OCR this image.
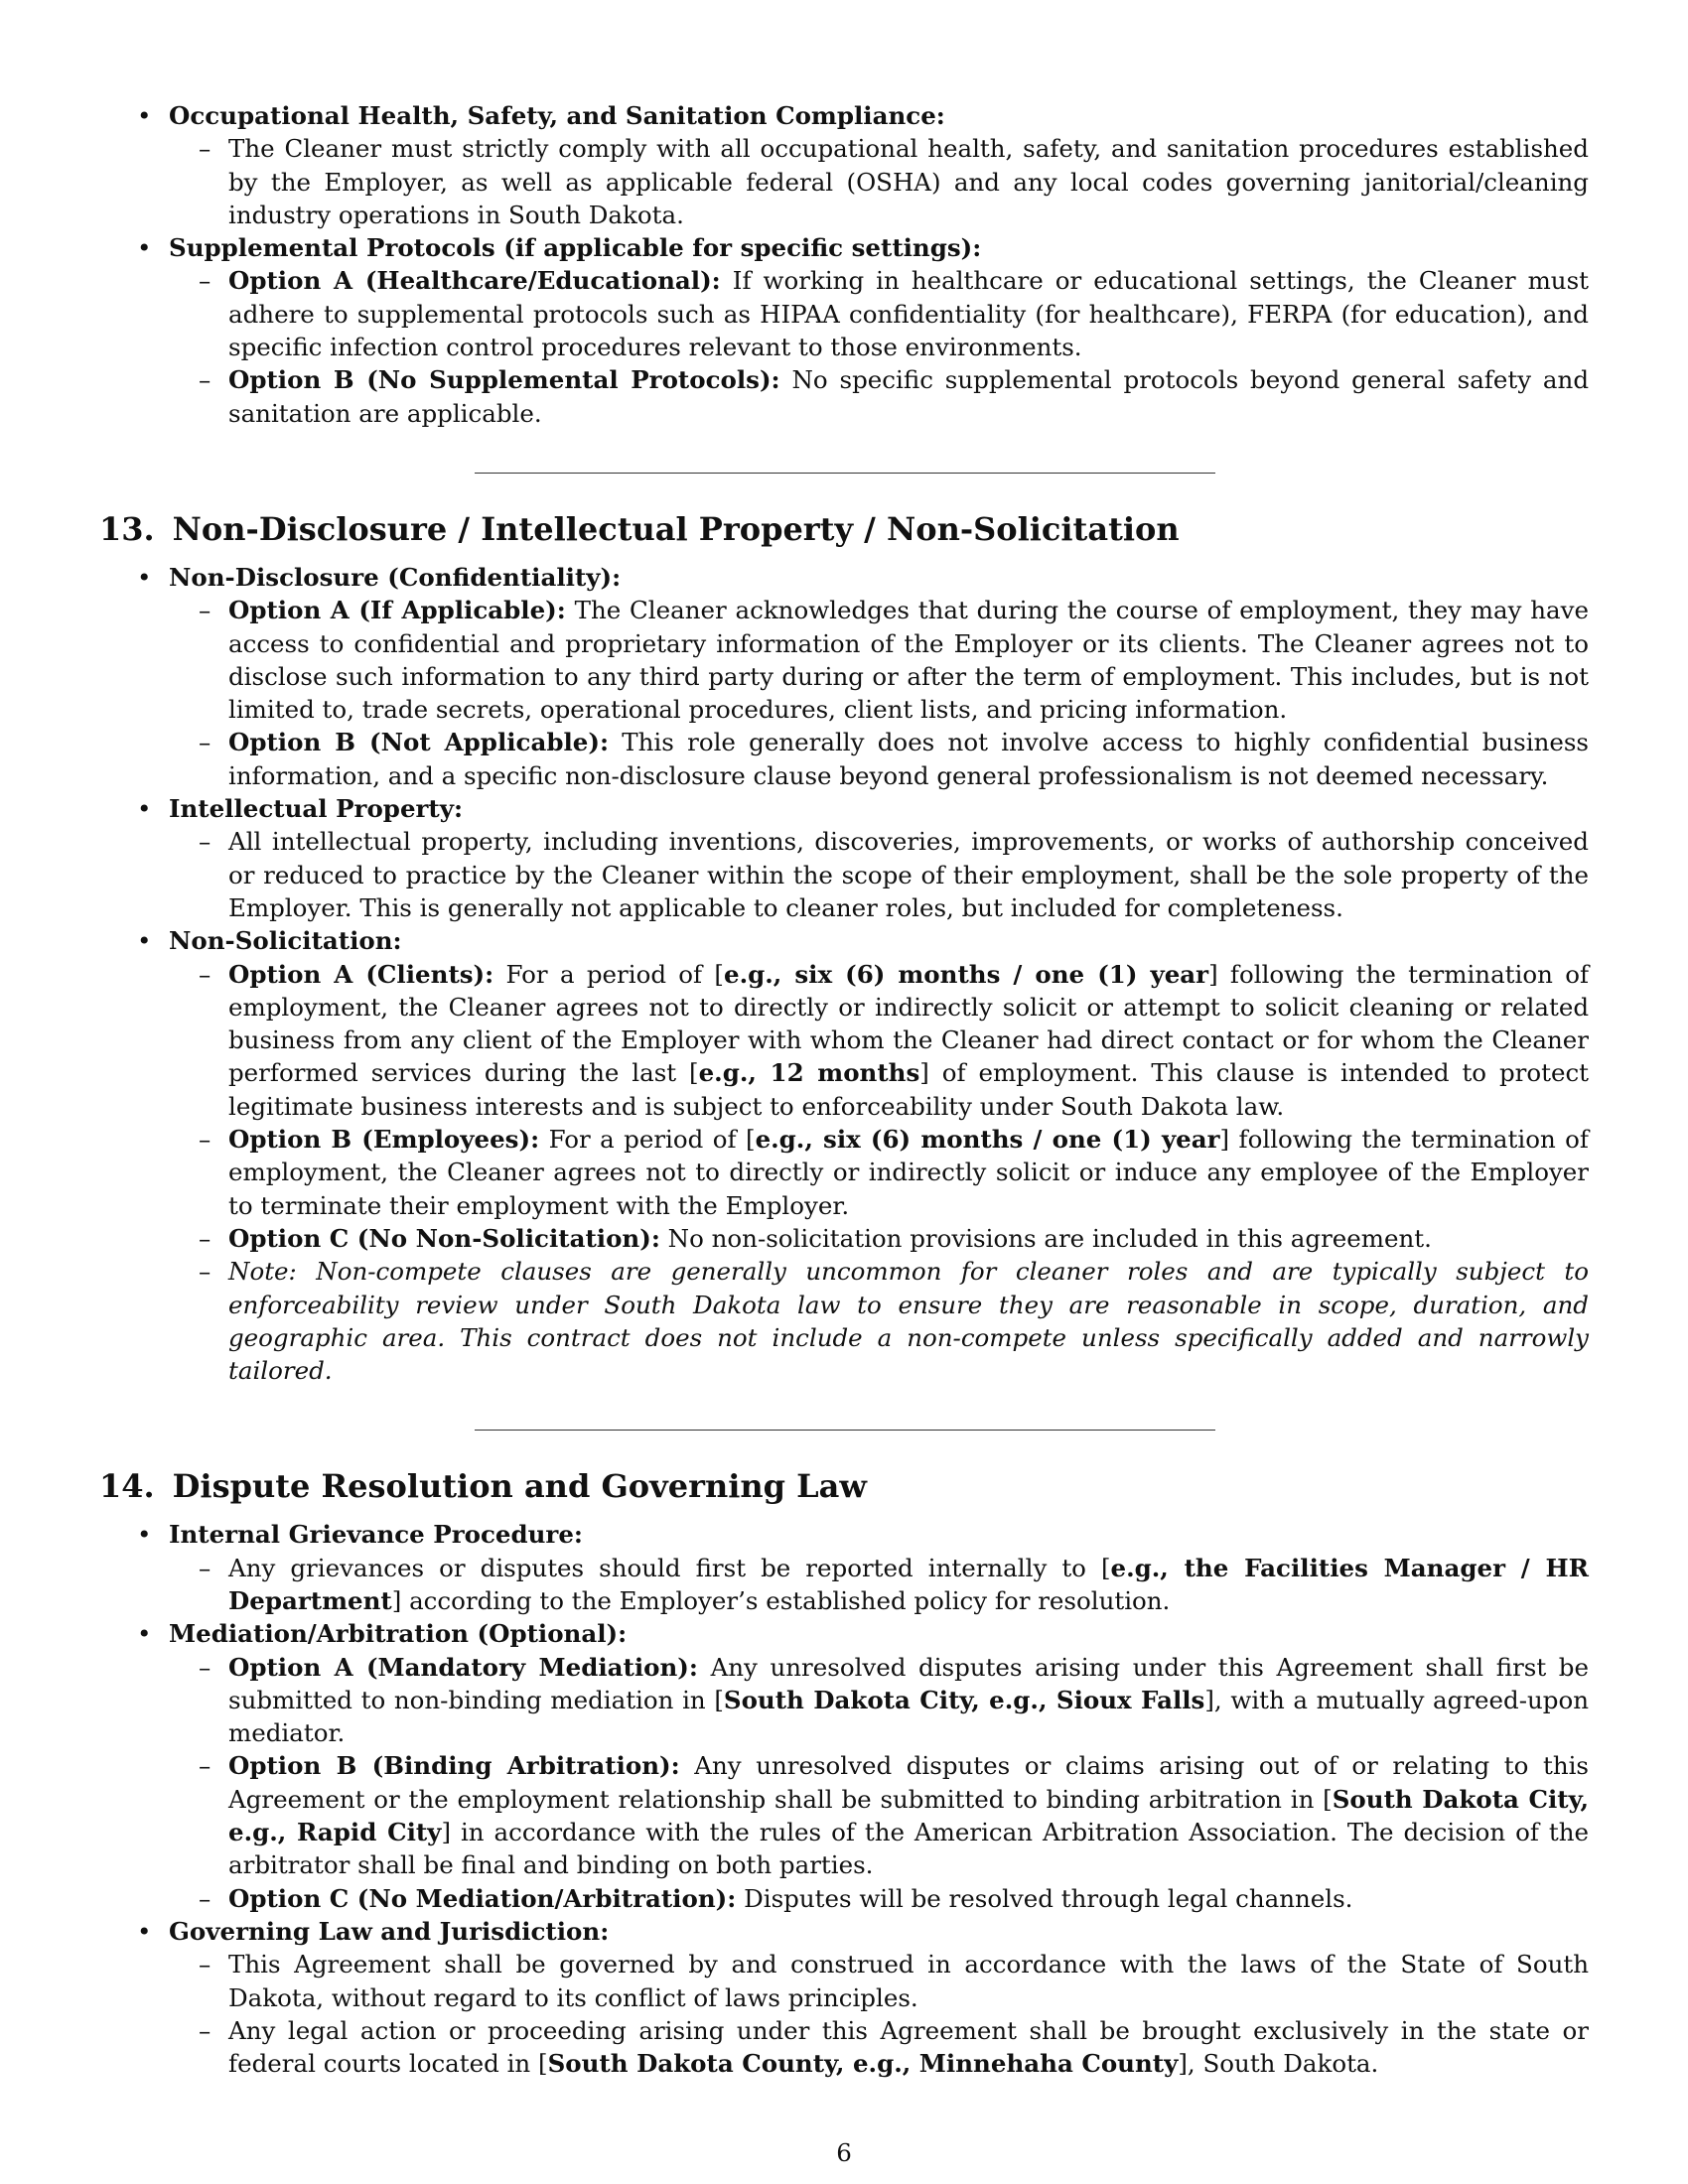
• Occupational Health, Safety, and Sanitation Compliance:
– The Cleaner must strictly comply with all occupational health, safety, and sanitation procedures established by the Employer, as well as applicable federal (OSHA) and any local codes governing janitorial/cleaning industry operations in South Dakota.
• Supplemental Protocols (if applicable for specific settings):
– Option A (Healthcare/Educational): If working in healthcare or educational settings, the Cleaner must adhere to supplemental protocols such as HIPAA confidentiality (for healthcare), FERPA (for education), and specific infection control procedures relevant to those environments.
– Option B (No Supplemental Protocols): No specific supplemental protocols beyond general safety and sanitation are applicable.
13. Non-Disclosure / Intellectual Property / Non-Solicitation
• Non-Disclosure (Confidentiality):
– Option A (If Applicable): The Cleaner acknowledges that during the course of employment, they may have access to confidential and proprietary information of the Employer or its clients. The Cleaner agrees not to disclose such information to any third party during or after the term of employment. This includes, but is not limited to, trade secrets, operational procedures, client lists, and pricing information.
– Option B (Not Applicable): This role generally does not involve access to highly confidential business information, and a specific non-disclosure clause beyond general professionalism is not deemed necessary.
• Intellectual Property:
– All intellectual property, including inventions, discoveries, improvements, or works of authorship conceived or reduced to practice by the Cleaner within the scope of their employment, shall be the sole property of the Employer. This is generally not applicable to cleaner roles, but included for completeness.
• Non-Solicitation:
– Option A (Clients): For a period of [e.g., six (6) months / one (1) year] following the termination of employment, the Cleaner agrees not to directly or indirectly solicit or attempt to solicit cleaning or related business from any client of the Employer with whom the Cleaner had direct contact or for whom the Cleaner performed services during the last [e.g., 12 months] of employment. This clause is intended to protect legitimate business interests and is subject to enforceability under South Dakota law.
– Option B (Employees): For a period of [e.g., six (6) months / one (1) year] following the termination of employment, the Cleaner agrees not to directly or indirectly solicit or induce any employee of the Employer to terminate their employment with the Employer.
– Option C (No Non-Solicitation): No non-solicitation provisions are included in this agreement.
– Note: Non-compete clauses are generally uncommon for cleaner roles and are typically subject to enforceability review under South Dakota law to ensure they are reasonable in scope, duration, and geographic area. This contract does not include a non-compete unless specifically added and narrowly tailored.
14. Dispute Resolution and Governing Law
• Internal Grievance Procedure:
– Any grievances or disputes should first be reported internally to [e.g., the Facilities Manager / HR Department] according to the Employer’s established policy for resolution.
• Mediation/Arbitration (Optional):
– Option A (Mandatory Mediation): Any unresolved disputes arising under this Agreement shall first be submitted to non-binding mediation in [South Dakota City, e.g., Sioux Falls], with a mutually agreed-upon mediator.
– Option B (Binding Arbitration): Any unresolved disputes or claims arising out of or relating to this Agreement or the employment relationship shall be submitted to binding arbitration in [South Dakota City, e.g., Rapid City] in accordance with the rules of the American Arbitration Association. The decision of the arbitrator shall be final and binding on both parties.
– Option C (No Mediation/Arbitration): Disputes will be resolved through legal channels.
• Governing Law and Jurisdiction:
– This Agreement shall be governed by and construed in accordance with the laws of the State of South Dakota, without regard to its conflict of laws principles.
– Any legal action or proceeding arising under this Agreement shall be brought exclusively in the state or federal courts located in [South Dakota County, e.g., Minnehaha County], South Dakota.
6
